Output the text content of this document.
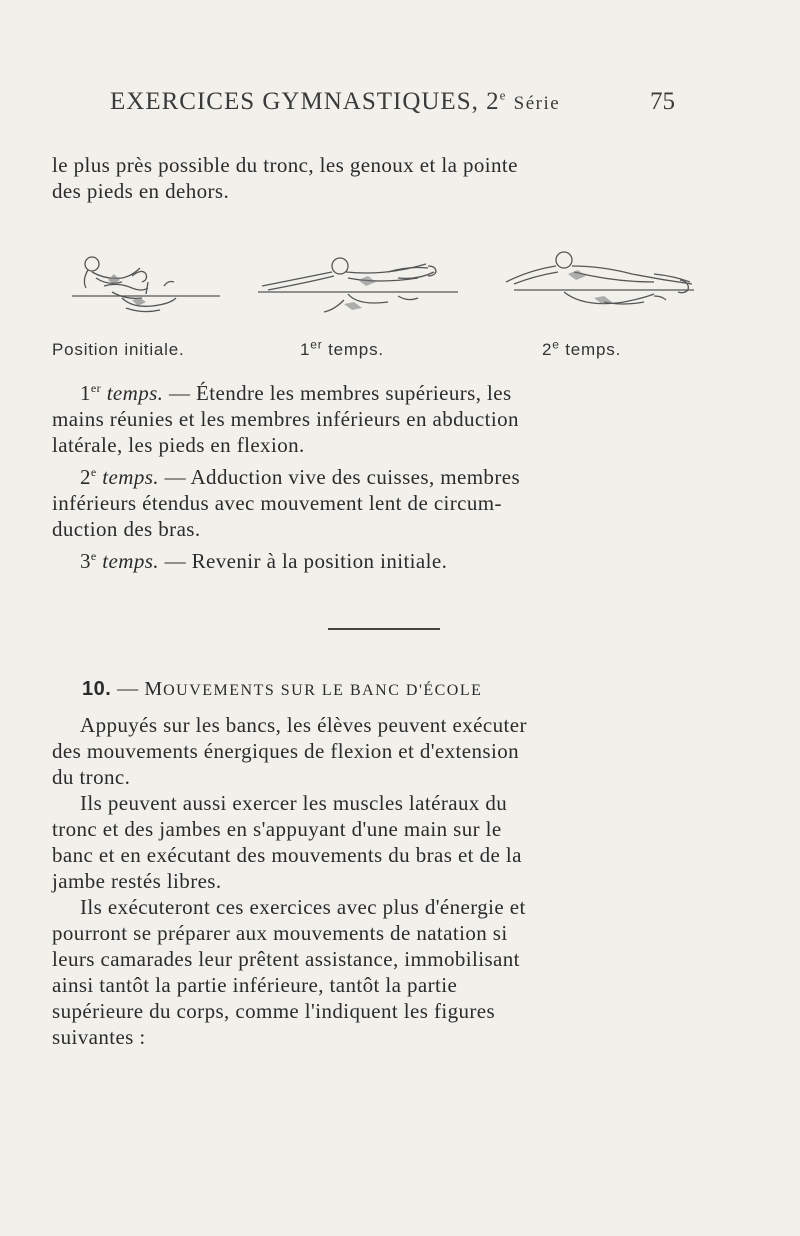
EXERCICES GYMNASTIQUES, 2e Série	75

le plus près possible du tronc, les genoux et la pointe

des pieds en dehors.

Position initiale.	1er temps.	2e temps.

1er temps. — Étendre les membres supérieurs, les

mains réunies et les membres inférieurs en abduction

latérale, les pieds en flexion.

2e temps. — Adduction vive des cuisses, membres

inférieurs étendus avec mouvement lent de circum-

duction des bras.

3e temps. — Revenir à la position initiale.

10. — MOUVEMENTS SUR LE BANC D'ÉCOLE

Appuyés sur les bancs, les élèves peuvent exécuter

des mouvements énergiques de flexion et d'extension

du tronc.

Ils peuvent aussi exercer les muscles latéraux du

tronc et des jambes en s'appuyant d'une main sur le

banc et en exécutant des mouvements du bras et de la

jambe restés libres.

Ils exécuteront ces exercices avec plus d'énergie et

pourront se préparer aux mouvements de natation si

leurs camarades leur prêtent assistance, immobilisant

ainsi tantôt la partie inférieure, tantôt la partie

supérieure du corps, comme l'indiquent les figures

suivantes :
